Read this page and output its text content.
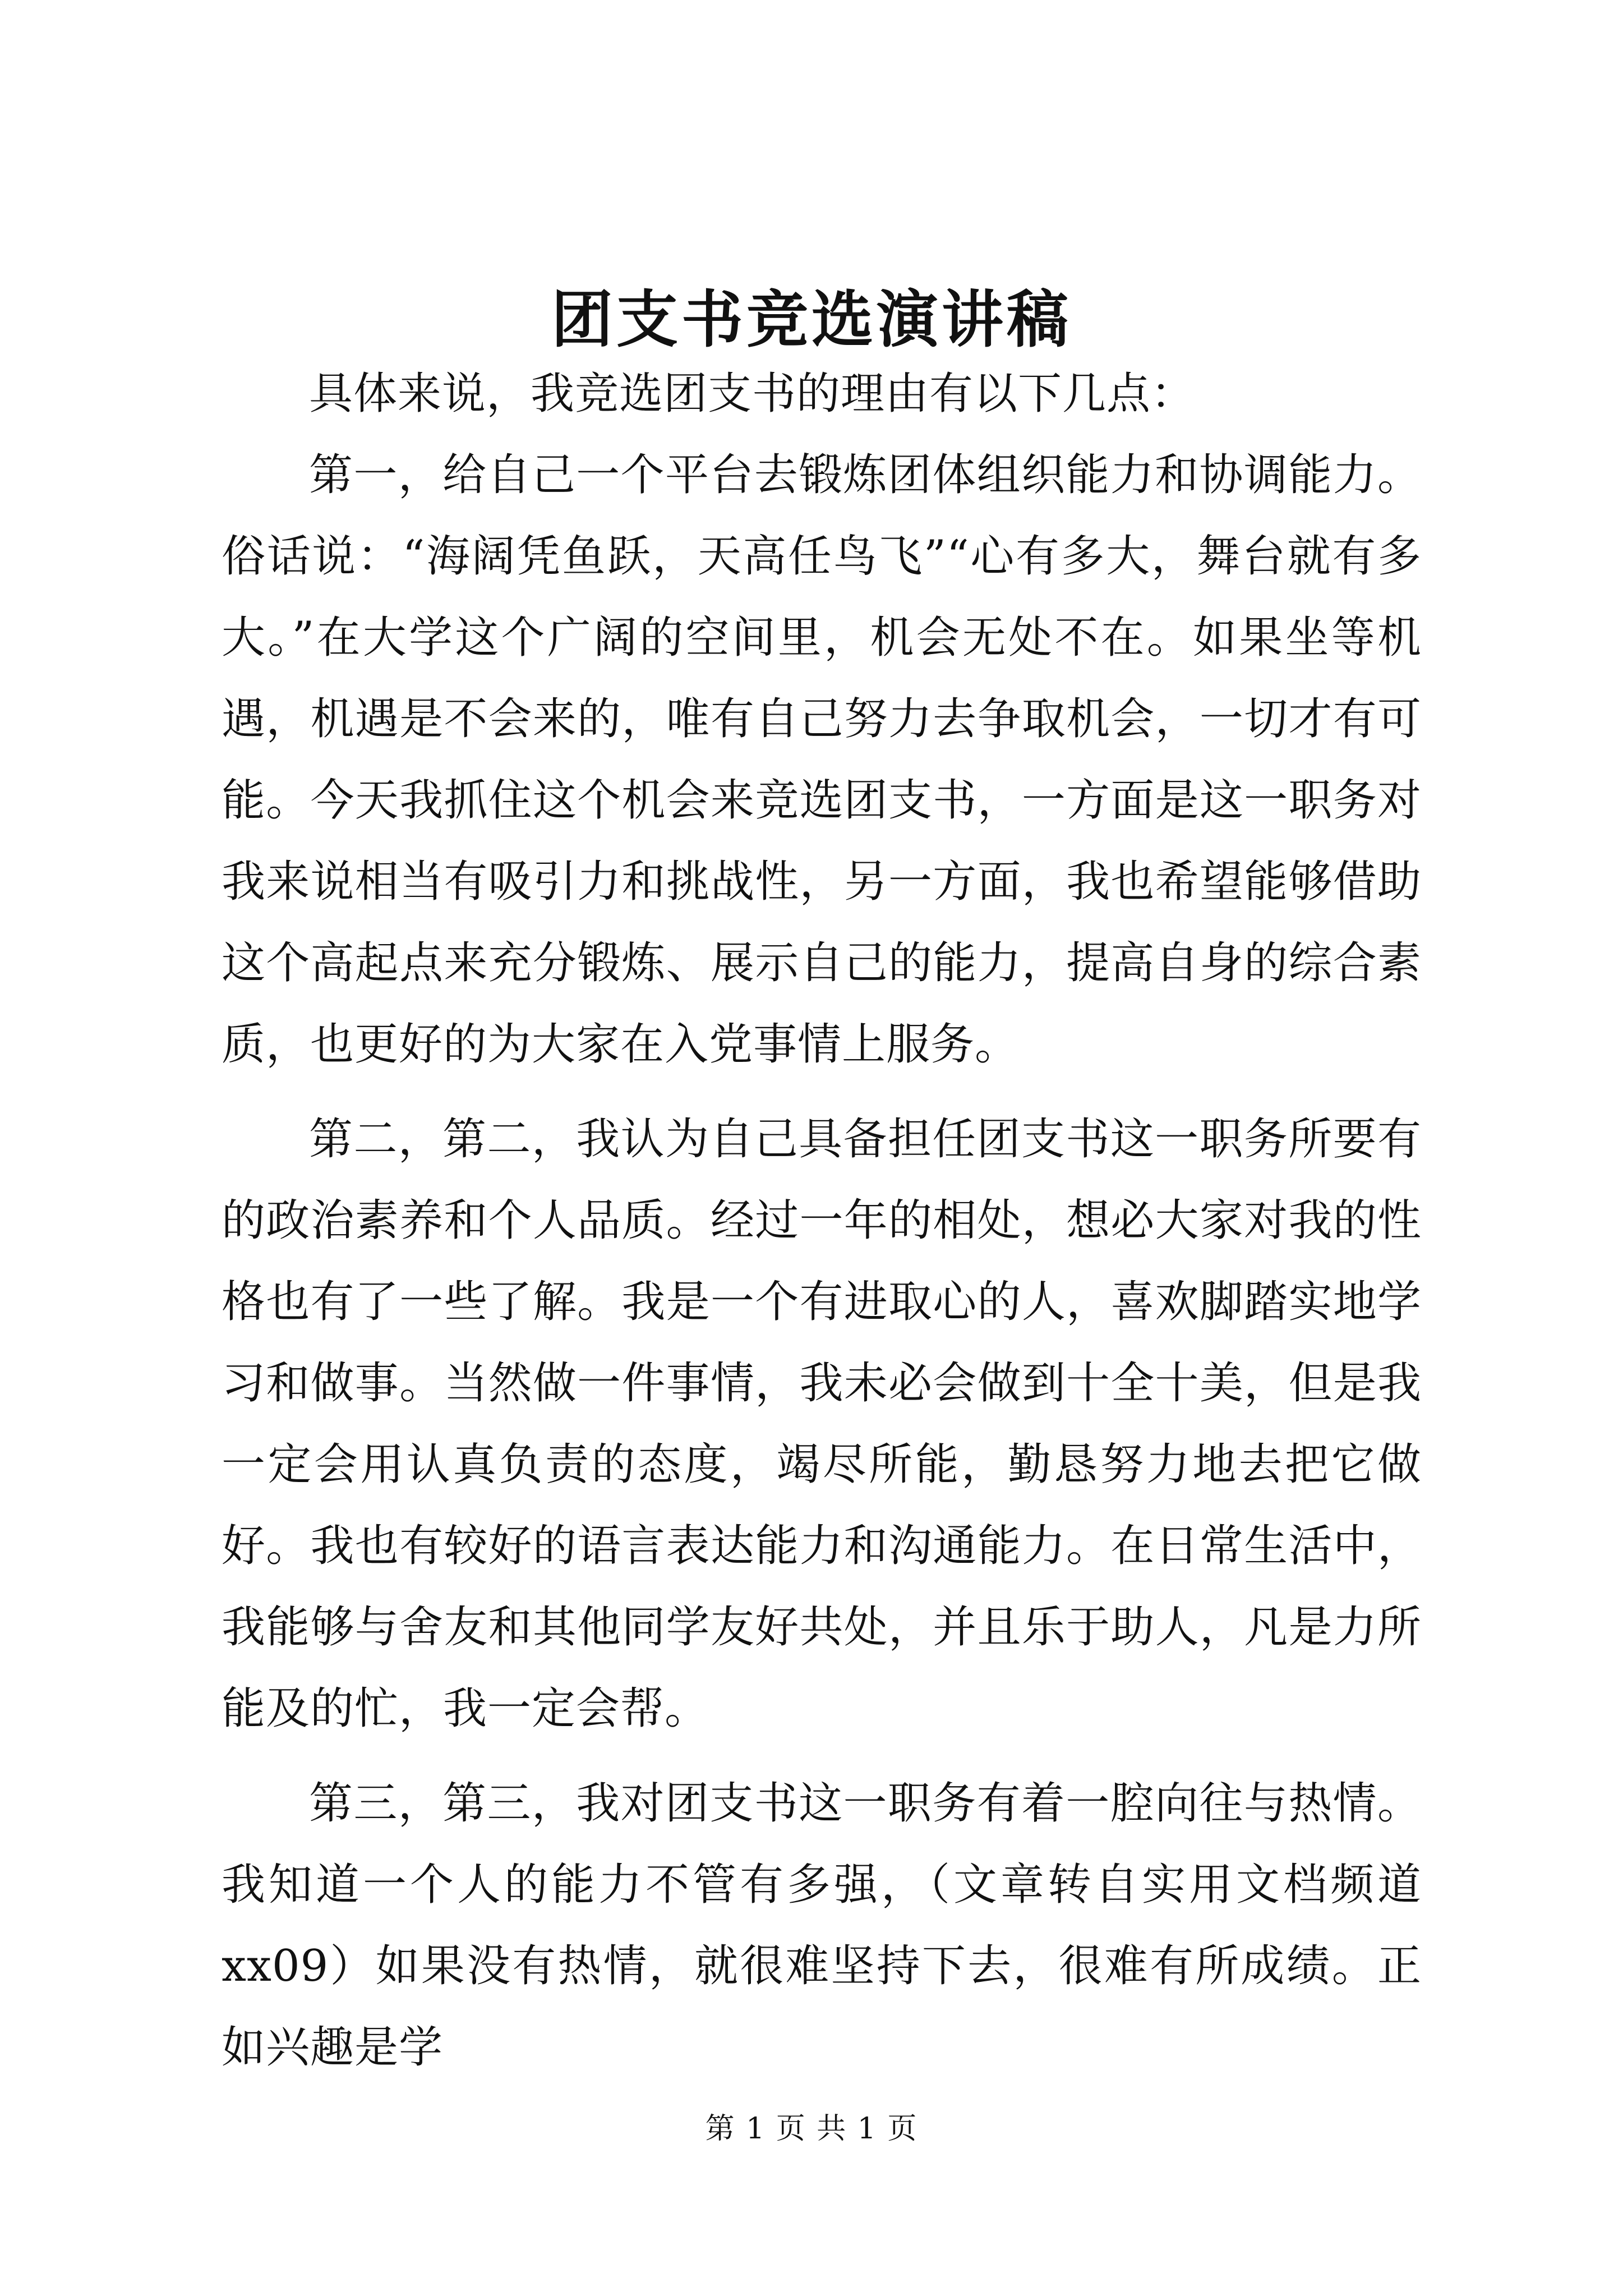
团支书竞选演讲稿

具体来说，我竞选团支书的理由有以下几点：

第一，给自己一个平台去锻炼团体组织能力和协调能力。俗话说：“海阔凭鱼跃，天高任鸟飞”“心有多大，舞台就有多大。”在大学这个广阔的空间里，机会无处不在。如果坐等机遇，机遇是不会来的，唯有自己努力去争取机会，一切才有可能。今天我抓住这个机会来竞选团支书，一方面是这一职务对我来说相当有吸引力和挑战性，另一方面，我也希望能够借助这个高起点来充分锻炼、展示自己的能力，提高自身的综合素质，也更好的为大家在入党事情上服务。

第二，第二，我认为自己具备担任团支书这一职务所要有的政治素养和个人品质。经过一年的相处，想必大家对我的性格也有了一些了解。我是一个有进取心的人，喜欢脚踏实地学习和做事。当然做一件事情，我未必会做到十全十美，但是我一定会用认真负责的态度，竭尽所能，勤恳努力地去把它做好。我也有较好的语言表达能力和沟通能力。在日常生活中，我能够与舍友和其他同学友好共处，并且乐于助人，凡是力所能及的忙，我一定会帮。

第三，第三，我对团支书这一职务有着一腔向往与热情。我知道一个人的能力不管有多强，（文章转自实用文档频道 xx09）如果没有热情，就很难坚持下去，很难有所成绩。正如兴趣是学

第 1 页 共 1 页
